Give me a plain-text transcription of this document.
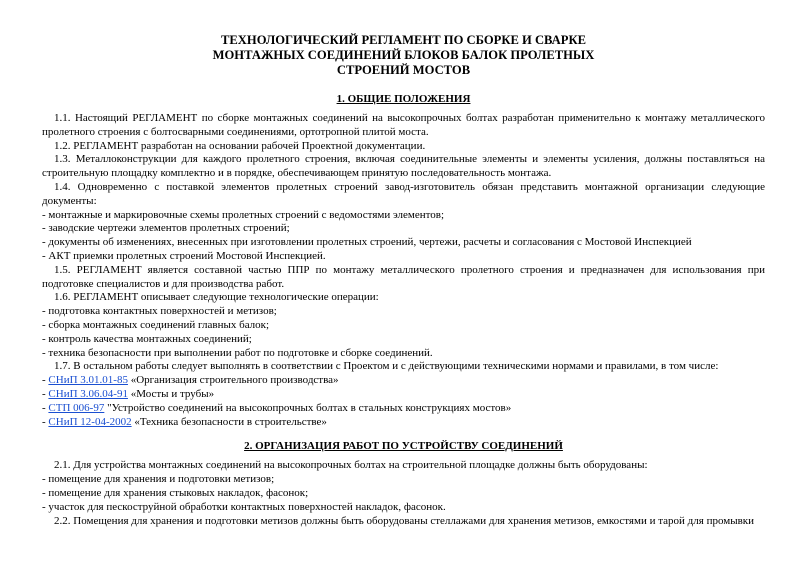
ТЕХНОЛОГИЧЕСКИЙ РЕГЛАМЕНТ ПО СБОРКЕ И СВАРКЕ

МОНТАЖНЫХ СОЕДИНЕНИЙ БЛОКОВ БАЛОК ПРОЛЕТНЫХ

СТРОЕНИЙ МОСТОВ

1. ОБЩИЕ ПОЛОЖЕНИЯ

1.1. Настоящий РЕГЛАМЕНТ по сборке монтажных соединений на высокопрочных болтах разработан применительно к монтажу металлического пролетного строения с болтосварными соединениями, ортотропной плитой моста.

1.2. РЕГЛАМЕНТ разработан на основании рабочей Проектной документации.

1.3. Металлоконструкции для каждого пролетного строения, включая соединительные элементы и элементы усиления, должны поставляться на строительную площадку комплектно и в порядке, обеспечивающем принятую последовательность монтажа.

1.4. Одновременно с поставкой элементов пролетных строений завод-изготовитель обязан представить монтажной организации следующие документы:

- монтажные и маркировочные схемы пролетных строений с ведомостями элементов;

- заводские чертежи элементов пролетных строений;

- документы об изменениях, внесенных при изготовлении пролетных строений, чертежи, расчеты и согласования с Мостовой Инспекцией

- АКТ приемки пролетных строений Мостовой Инспекцией.

1.5. РЕГЛАМЕНТ является составной частью ППР по монтажу металлического пролетного строения и предназначен для использования при подготовке специалистов и для производства работ.

1.6. РЕГЛАМЕНТ описывает следующие технологические операции:

- подготовка контактных поверхностей и метизов;

- сборка монтажных соединений главных балок;

- контроль качества монтажных соединений;

- техника безопасности при выполнении работ по подготовке и сборке соединений.

1.7. В остальном работы следует выполнять в соответствии с Проектом и с действующими техническими нормами и правилами, в том числе:

- СНиП 3.01.01-85 «Организация строительного производства»

- СНиП 3.06.04-91 «Мосты и трубы»

- СТП 006-97 "Устройство соединений на высокопрочных болтах в стальных конструкциях мостов»

- СНиП 12-04-2002 «Техника безопасности в строительстве»

2. ОРГАНИЗАЦИЯ РАБОТ ПО УСТРОЙСТВУ СОЕДИНЕНИЙ

2.1. Для устройства монтажных соединений на высокопрочных болтах на строительной площадке должны быть оборудованы:

- помещение для хранения и подготовки метизов;

- помещение для хранения стыковых накладок, фасонок;

- участок для пескоструйной обработки контактных поверхностей накладок, фасонок.

2.2. Помещения для хранения и подготовки метизов должны быть оборудованы стеллажами для хранения метизов, емкостями и тарой для промывки
